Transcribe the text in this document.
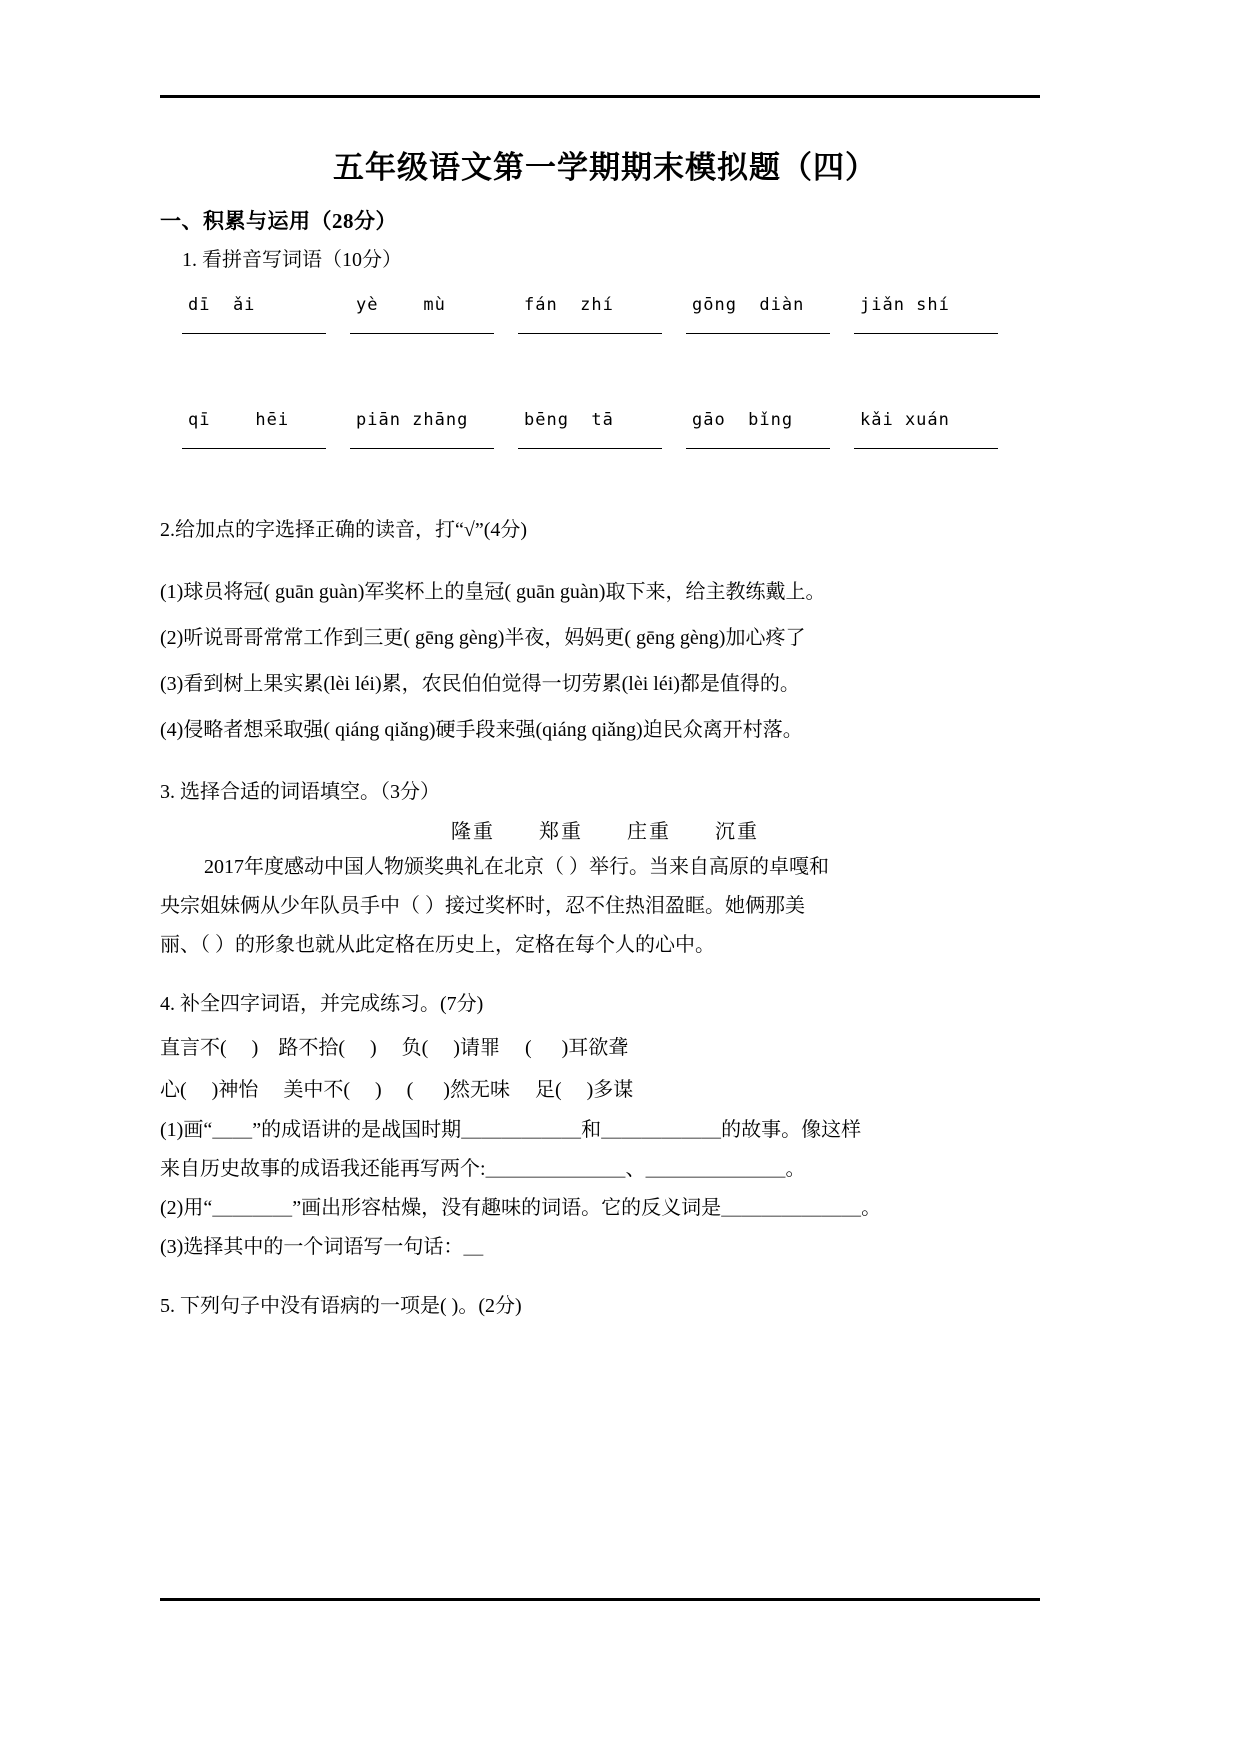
五年级语文第一学期期末模拟题（四）
一、积累与运用（28分）
1. 看拼音写词语（10分）
dī  ǎi	yè    mù	fán  zhí	gōng  diàn	jiǎn shí
qī    hēi	piān zhāng	bēng  tā	gāo  bǐng	kǎi xuán
2.给加点的字选择正确的读音，打“√”(4分)
(1)球员将冠( guān guàn)军奖杯上的皇冠( guān guàn)取下来，给主教练戴上。
(2)听说哥哥常常工作到三更( gēng gèng)半夜，妈妈更( gēng gèng)加心疼了
(3)看到树上果实累(lèi léi)累，农民伯伯觉得一切劳累(lèi léi)都是值得的。
(4)侵略者想采取强( qiáng qiǎng)硬手段来强(qiáng qiǎng)迫民众离开村落。
3. 选择合适的词语填空。（3分）
隆重 郑重 庄重 沉重
2017年度感动中国人物颁奖典礼在北京（ ）举行。当来自高原的卓嘎和
央宗姐妹俩从少年队员手中（ ）接过奖杯时，忍不住热泪盈眶。她俩那美
丽、（ ）的形象也就从此定格在历史上，定格在每个人的心中。
4. 补全四字词语，并完成练习。(7分)
直言不(     )    路不拾(     )     负(     )请罪     (      )耳欲聋
心(     )神怡     美中不(     )     (      )然无味     足(     )多谋
(1)画“＿＿”的成语讲的是战国时期＿＿＿＿＿＿和＿＿＿＿＿＿的故事。像这样
来自历史故事的成语我还能再写两个:＿＿＿＿＿＿＿、＿＿＿＿＿＿＿。
(2)用“＿＿＿＿”画出形容枯燥，没有趣味的词语。它的反义词是＿＿＿＿＿＿＿。
(3)选择其中的一个词语写一句话：＿
5. 下列句子中没有语病的一项是( )。(2分)
